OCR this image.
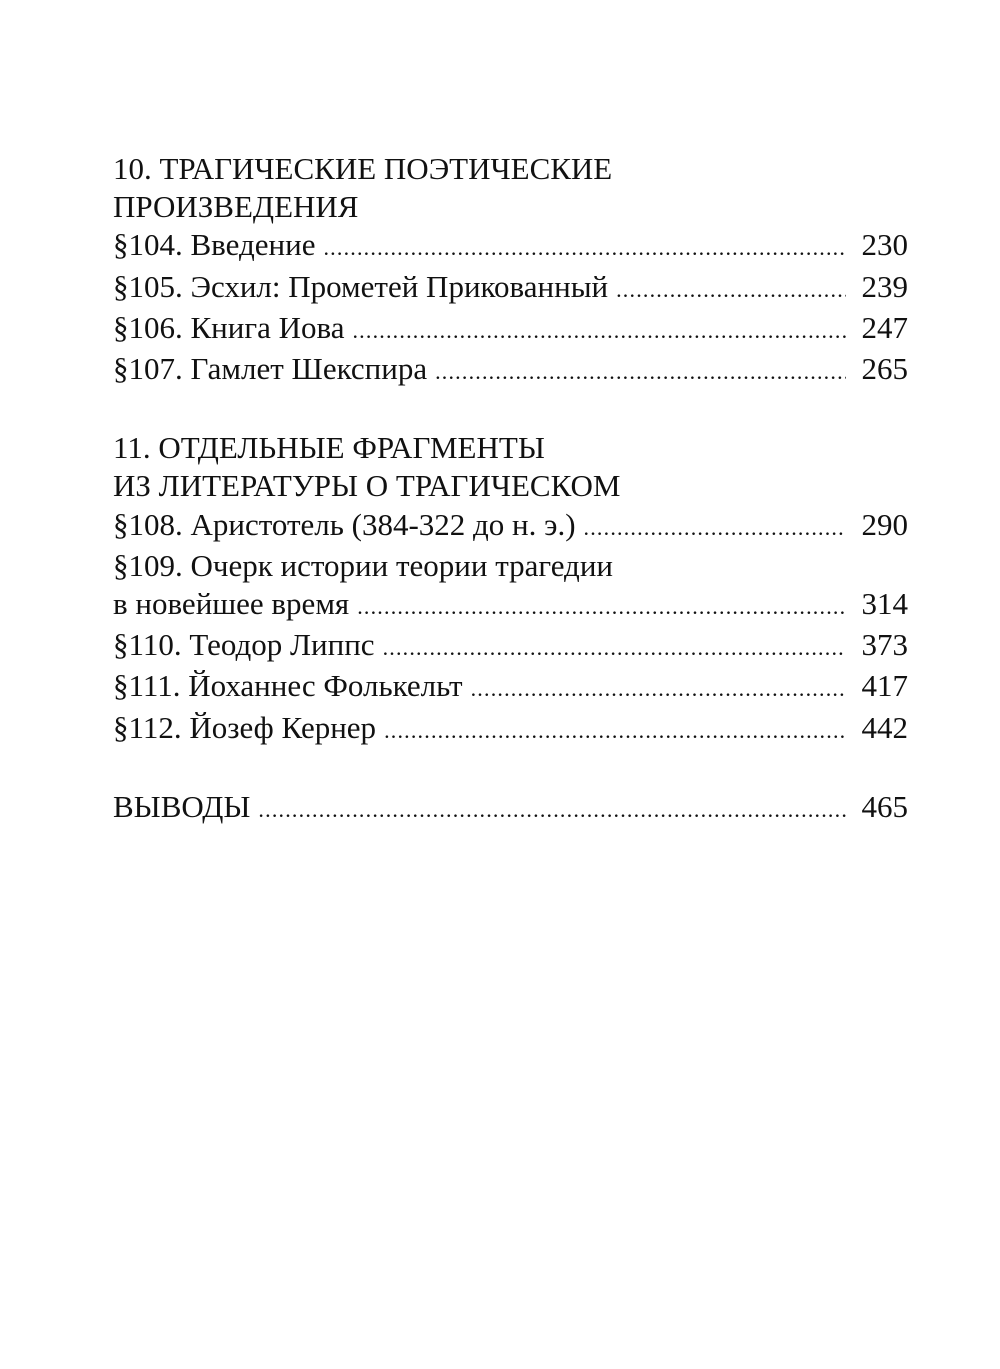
10. ТРАГИЧЕСКИЕ ПОЭТИЧЕСКИЕ
ПРОИЗВЕДЕНИЯ
§104. Введение .....	230
§105. Эсхил: Прометей Прикованный .....	239
§106. Книга Иова .....	247
§107. Гамлет Шекспира .....	265
11. ОТДЕЛЬНЫЕ ФРАГМЕНТЫ
ИЗ ЛИТЕРАТУРЫ О ТРАГИЧЕСКОМ
§108. Аристотель (384-322 до н. э.) .....	290
§109. Очерк истории теории трагедии
в новейшее время .....	314
§110. Теодор Липпс .....	373
§111. Йоханнес Фолькельт .....	417
§112. Йозеф Кернер .....	442
ВЫВОДЫ .....	465
